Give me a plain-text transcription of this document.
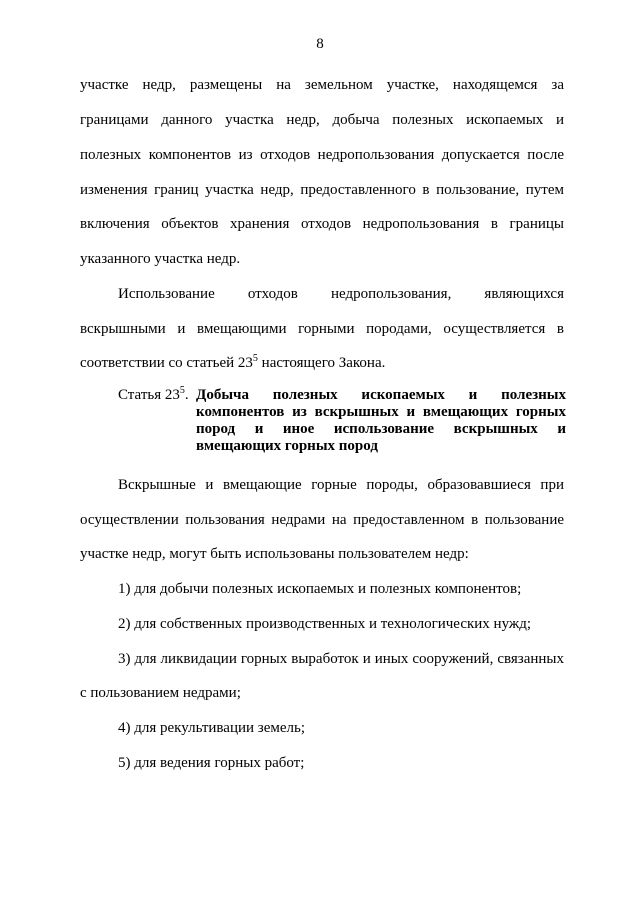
8
участке недр, размещены на земельном участке, находящемся за
границами данного участка недр, добыча полезных ископаемых и
полезных компонентов из отходов недропользования допускается после
изменения границ участка недр, предоставленного в пользование, путем
включения объектов хранения отходов недропользования в границы
указанного участка недр.
Использование отходов недропользования, являющихся
вскрышными и вмещающими горными породами, осуществляется в
соответствии со статьей $23^5$ настоящего Закона.
Статья $23^5$. Добыча полезных ископаемых и полезных
компонентов из вскрышных и вмещающих горных
пород и иное использование вскрышных и
вмещающих горных пород
Вскрышные и вмещающие горные породы, образовавшиеся при
осуществлении пользования недрами на предоставленном в пользование
участке недр, могут быть использованы пользователем недр:
1) для добычи полезных ископаемых и полезных компонентов;
2) для собственных производственных и технологических нужд;
3) для ликвидации горных выработок и иных сооружений, связанных
с пользованием недрами;
4) для рекультивации земель;
5) для ведения горных работ;
